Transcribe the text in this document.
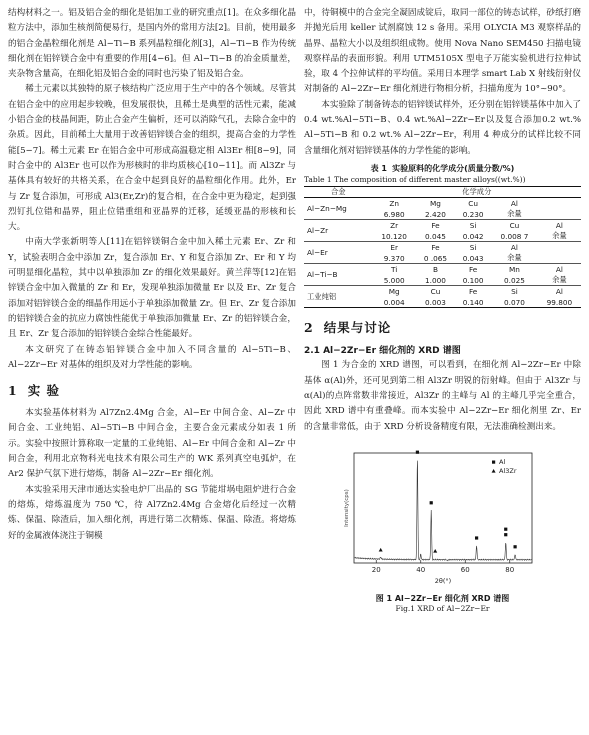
结构材料之一。铝及铝合金的细化是铝加工业的研究重点[1]。在众多细化晶粒方法中，添加生核剂简便易行，是国内外的常用方法[2]。目前，使用最多的铝合金晶粒细化剂是 Al−Ti−B 系列晶粒细化剂[3]，Al−Ti−B 作为传统细化剂在铝锌镁合金中有重要的作用[4−6]。但 Al−Ti−B 的冶金质量差，夹杂物含量高，在细化铝及铝合金的同时也污染了铝及铝合金。

稀土元素以其独特的原子核结构广泛应用于生产中的各个领域。尽管其在铝合金中的应用起步较晚，但发展很快，且稀土是典型的活性元素，能减小铝合金的枝晶间距，防止合金产生偏析，还可以消除气孔，去除合金中的杂质。因此，目前稀土大量用于改善铝锌镁合金的组织，提高合金的力学性能[5−7]。稀土元素 Er 在铝合金中可形成高温稳定相 Al3Er 相[8−9]，同时合金中的 Al3Er 也可以作为形核时的非均质核心[10−11]。而 Al3Zr 与基体具有较好的共格关系，在合金中起到良好的晶粒细化作用。此外，Er 与 Zr 复合添加，可形成 Al3(Er,Zr)的复合相，在合金中更为稳定，起到强烈钉扎位错和晶界，阻止位错重组和亚晶界的迁移，延缓亚晶的形核和长大。

中南大学张新明等人[11]在铝锌镁铜合金中加入稀土元素 Er、Zr 和 Y，试验表明合金中添加 Zr，复合添加 Er、Y 和复合添加 Zr、Er 和 Y 均可明显细化晶粒，其中以单独添加 Zr 的细化效果最好。黄兰萍等[12]在铝锌镁合金中加入微量的 Zr 和 Er，发现单独添加微量 Er 以及 Er、Zr 复合添加对铝锌镁合金的细晶作用远小于单独添加微量 Zr。但 Er、Zr 复合添加的铝锌镁合金的抗应力腐蚀性能优于单独添加微量 Er、Zr 的铝锌镁合金，且 Er、Zr 复合添加的铝锌镁合金综合性能最好。

本文研究了在铸态铝锌镁合金中加入不同含量的 Al−5Ti−B、Al−2Zr−Er 对基体的组织及对力学性能的影响。

1 实 验

本实验基体材料为 Al7Zn2.4Mg 合金，Al−Er 中间合金、Al−Zr 中间合金、工业纯铝、Al−5Ti−B 中间合金，主要合金元素成分如表 1 所示。实验中按照计算称取一定量的工业纯铝、Al−Er 中间合金和 Al−Zr 中间合金，利用北京物科光电技术有限公司生产的 WK 系列真空电弧炉，在 Ar2 保护气氛下进行熔炼，制备 Al−2Zr−Er 细化剂。

本实验采用天津市通达实验电炉厂出品的 SG 节能坩埚电阻炉进行合金的熔炼，熔炼温度为 750 ℃，待 Al7Zn2.4Mg 合金熔化后经过一次精炼、保温、除渣后，加入细化剂，再进行第二次精炼、保温、除渣。将熔炼好的金属液体浇注于铜模

中，待铜模中的合金完全凝固成锭后，取同一部位的铸态试样，砂纸打磨并抛光后用 keller 试剂腐蚀 12 s 备用。采用 OLYCIA M3 观察样品的晶界、晶粒大小以及组织组成物。使用 Nova Nano SEM450 扫描电镜观察样品的表面形貌。利用 UTM5105X 型电子万能实验机进行拉伸试验，取 4 个拉伸试样的平均值。采用日本理学 smart Lab X 射线衍射仪对制备的 Al−2Zr−Er 细化剂进行物相分析，扫描角度为 10°~90°。

本实验除了制备铸态的铝锌镁试样外，还分别在铝锌镁基体中加入了 0.4 wt.%Al−5Ti−B、0.4 wt.%Al−2Zr−Er以及复合添加0.2 wt.% Al−5Ti−B 和 0.2 wt.% Al−2Zr−Er，利用 4 种成分的试样比较不同含量细化剂对铝锌镁基体的力学性能的影响。

表 1 实验原料的化学成分(质量分数/%)
Table 1 The composition of different master alloys((wt.%))
合金	化学成分				
Al−Zn−Mg	Zn	Mg	Cu	Al	
	6.980	2.420	0.230	余量	
Al−Zr	Zr	Fe	Si	Cu	Al
	10.120	0.045	0.042	0.008 7	余量
Al−Er	Er	Fe	Si	Al	
	9.370	0 .065	0.043	余量	
Al−Ti−B	Ti	B	Fe	Mn	Al
	5.000	1.000	0.100	0.025	余量
工业纯铝	Mg	Cu	Fe	Si	Al
	0.004	0.003	0.140	0.070	99.800
2 结果与讨论
2.1 Al−2Zr−Er 细化剂的 XRD 谱图

图 1 为合金的 XRD 谱图，可以看到，在细化剂 Al−2Zr−Er 中除基体 α(Al)外，还可见到第二相 Al3Zr 明锐的衍射峰。但由于 Al3Zr 与α(Al)的点阵常数非常接近，Al3Zr 的主峰与 Al 的主峰几乎完全重合，因此 XRD 谱中有重叠峰。而本实验中 Al−2Zr−Er 细化剂里 Zr、Er 的含量非常低，由于 XRD 分析设备精度有限，无法准确检测出来。

20	40	60	80
2θ(°)
Intensity(cps)
Al
Al3Zr

图 1 Al−2Zr−Er 细化剂 XRD 谱图

Fig.1 XRD of Al−2Zr−Er
